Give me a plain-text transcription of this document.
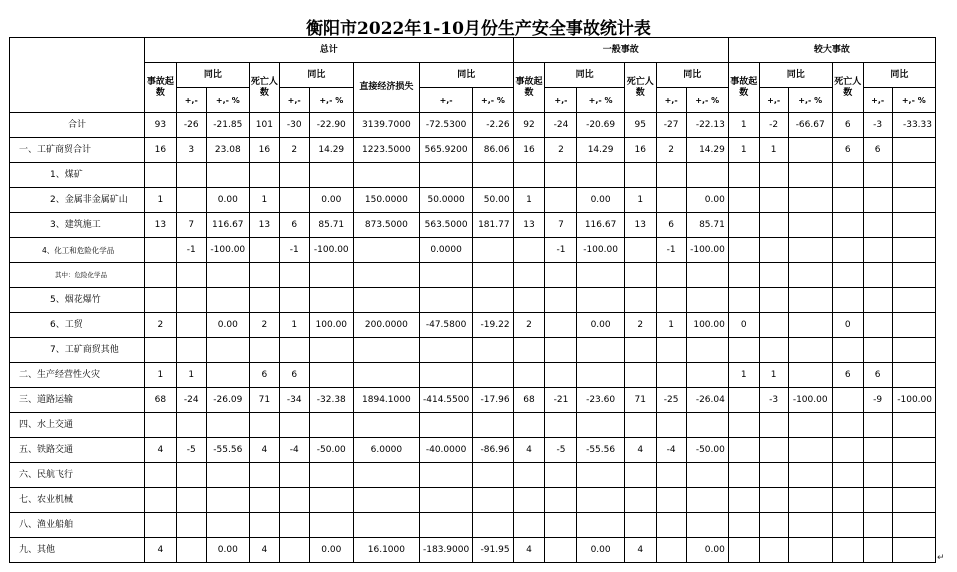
衡阳市2022年1-10月份生产安全事故统计表
	总计									一般事故						较大事故					
	事故起数	同比		死亡人数	同比		直接经济损失	同比		事故起数	同比		死亡人数	同比		事故起数	同比		死亡人数	同比	
		+,-	+,- %		+,-	+,- %		+,-	+,- %		+,-	+,- %		+,-	+,- %		+,-	+,- %		+,-	+,- %
合计	93	-26	-21.85	101	-30	-22.90	3139.7000	-72.5300	-2.26	92	-24	-20.69	95	-27	-22.13	1	-2	-66.67	6	-3	-33.33
一、工矿商贸合计	16	3	23.08	16	2	14.29	1223.5000	565.9200	86.06	16	2	14.29	16	2	14.29	1	1		6	6	
1、煤矿																					
2、金属非金属矿山	1		0.00	1		0.00	150.0000	50.0000	50.00	1		0.00	1		0.00						
3、建筑施工	13	7	116.67	13	6	85.71	873.5000	563.5000	181.77	13	7	116.67	13	6	85.71						
4、化工和危险化学品		-1	-100.00		-1	-100.00		0.0000			-1	-100.00		-1	-100.00						
其中：危险化学品																					
5、烟花爆竹																					
6、工贸	2		0.00	2	1	100.00	200.0000	-47.5800	-19.22	2		0.00	2	1	100.00	0			0		
7、工矿商贸其他																					
二、生产经营性火灾	1	1		6	6											1	1		6	6	
三、道路运输	68	-24	-26.09	71	-34	-32.38	1894.1000	-414.5500	-17.96	68	-21	-23.60	71	-25	-26.04		-3	-100.00		-9	-100.00
四、水上交通																					
五、铁路交通	4	-5	-55.56	4	-4	-50.00	6.0000	-40.0000	-86.96	4	-5	-55.56	4	-4	-50.00						
六、民航飞行																					
七、农业机械																					
八、渔业船舶																					
九、其他	4		0.00	4		0.00	16.1000	-183.9000	-91.95	4		0.00	4		0.00						
↵
